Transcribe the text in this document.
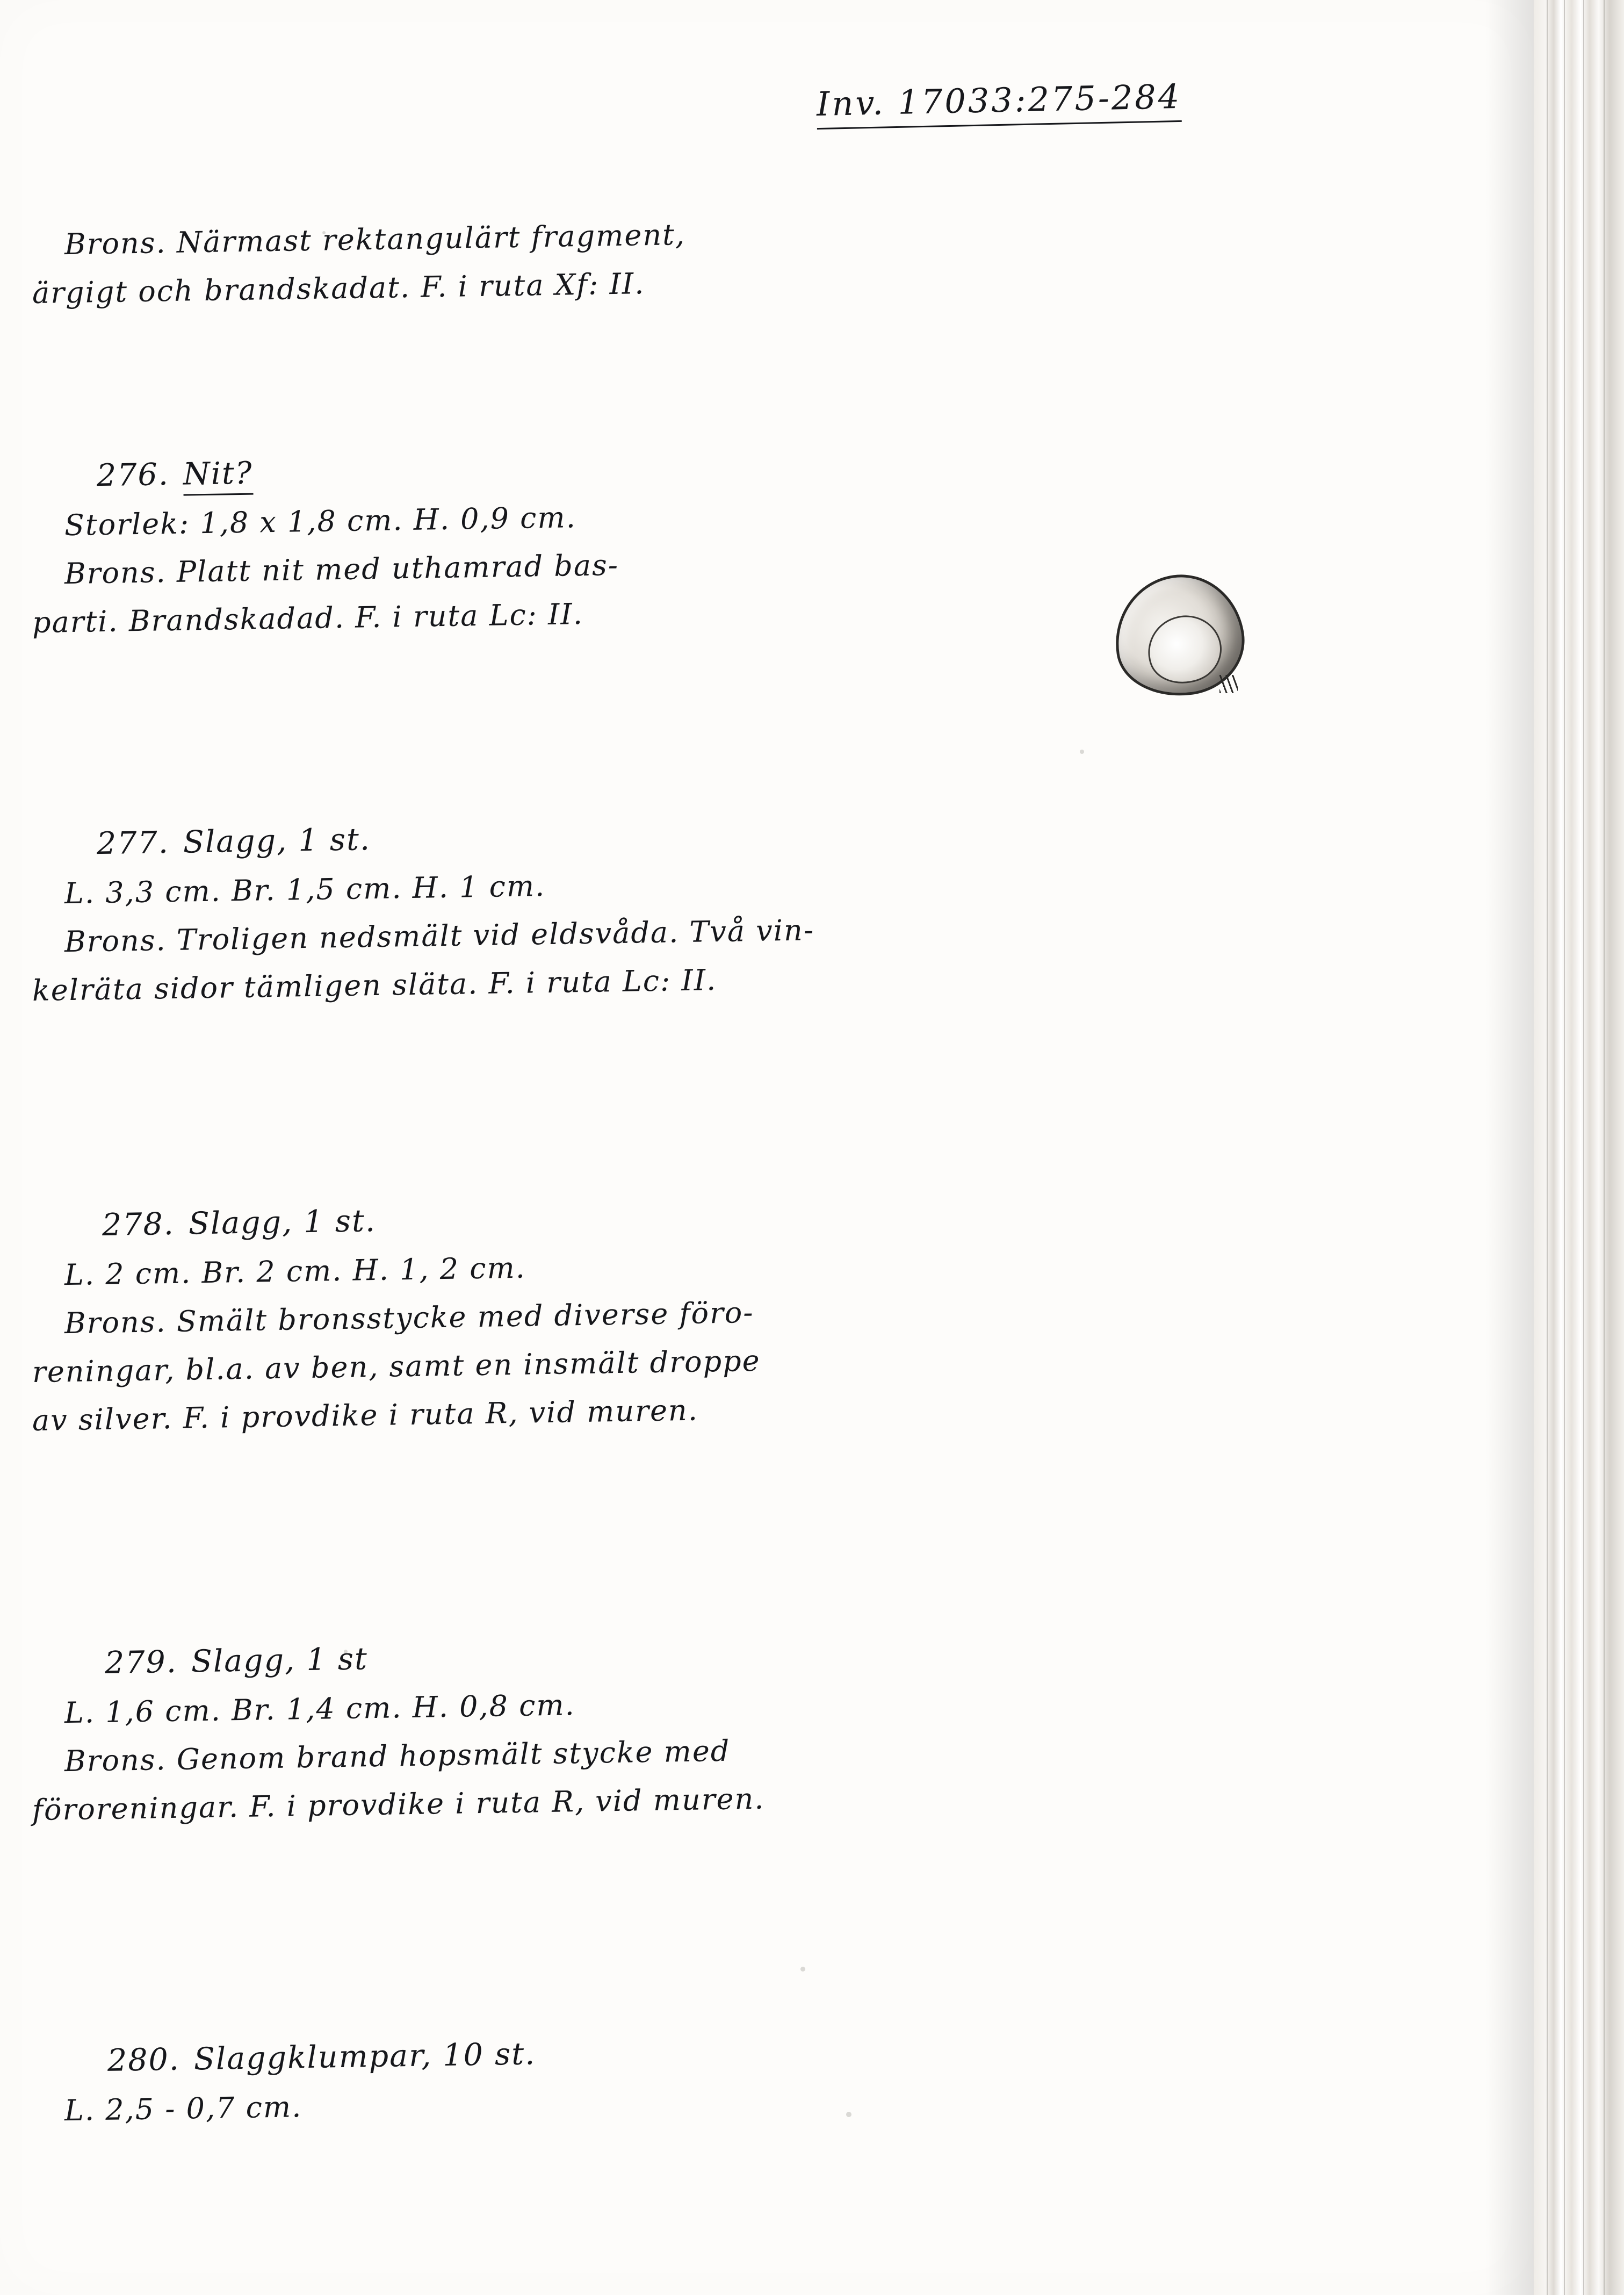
Inv. 17033:275-284
Brons. Närmast rektangulärt fragment,
ärgigt och brandskadat. F. i ruta Xf: II.
276. Nit?
Storlek: 1,8 x 1,8 cm. H. 0,9 cm.
Brons. Platt nit med uthamrad bas-
parti. Brandskadad. F. i ruta Lc: II.
277. Slagg, 1 st.
L. 3,3 cm. Br. 1,5 cm. H. 1 cm.
Brons. Troligen nedsmält vid eldsvåda. Två vin-
kelräta sidor tämligen släta. F. i ruta Lc: II.
278. Slagg, 1 st.
L. 2 cm. Br. 2 cm. H. 1, 2 cm.
Brons. Smält bronsstycke med diverse föro-
reningar, bl.a. av ben, samt en insmält droppe
av silver. F. i provdike i ruta R, vid muren.
279. Slagg, 1 st
L. 1,6 cm. Br. 1,4 cm. H. 0,8 cm.
Brons. Genom brand hopsmält stycke med
föroreningar. F. i provdike i ruta R, vid muren.
280. Slaggklumpar, 10 st.
L. 2,5 - 0,7 cm.
